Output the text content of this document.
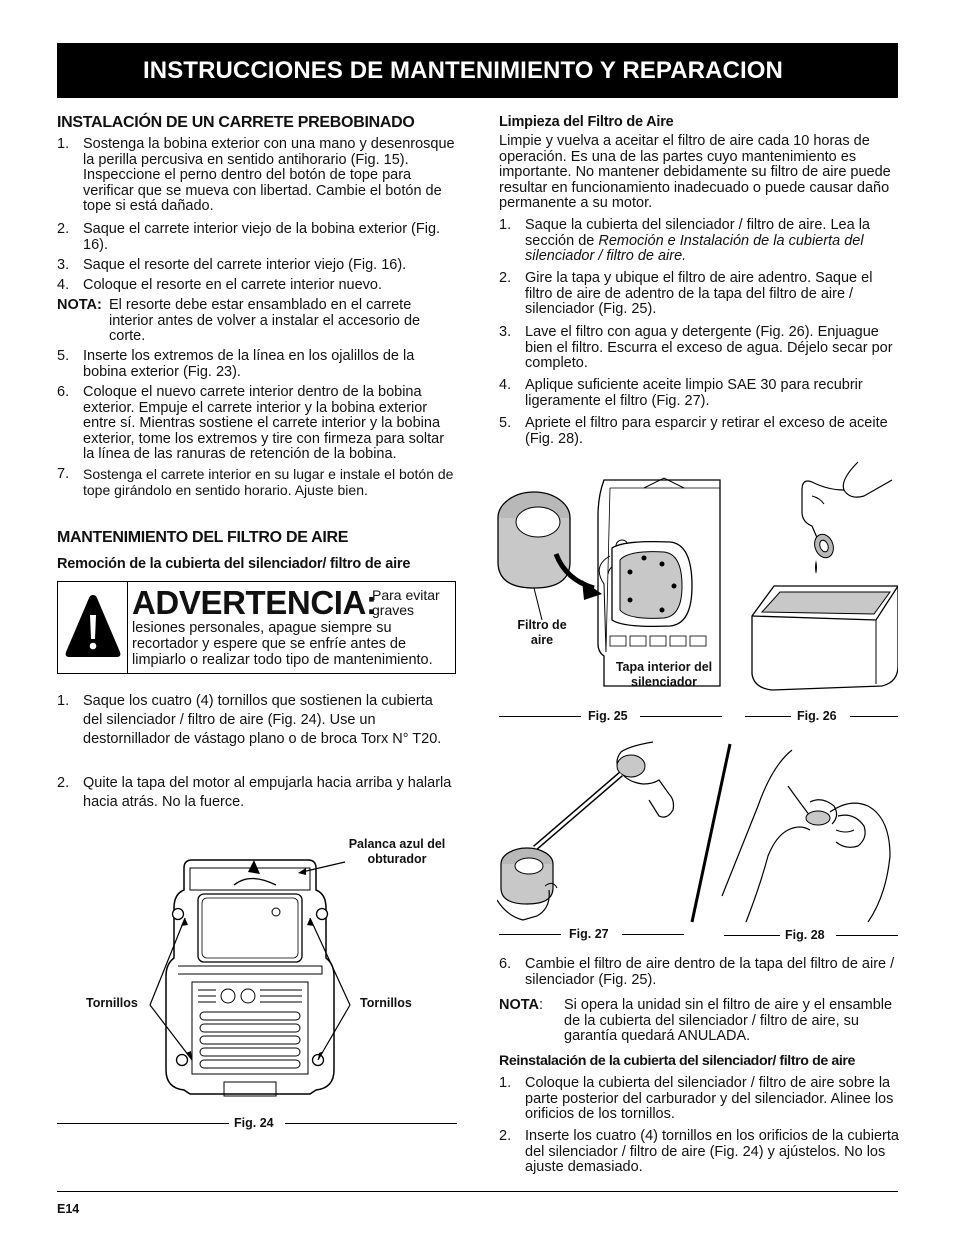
INSTRUCCIONES DE MANTENIMIENTO Y REPARACION
INSTALACIÓN DE UN CARRETE PREBOBINADO
1. Sostenga la bobina exterior con una mano y desenrosque la perilla percusiva en sentido antihorario (Fig. 15). Inspeccione el perno dentro del botón de tope para verificar que se mueva con libertad. Cambie el botón de tope si está dañado.
2. Saque el carrete interior viejo de la bobina exterior (Fig. 16).
3. Saque el resorte del carrete interior viejo (Fig. 16).
4. Coloque el resorte en el carrete interior nuevo.
NOTA: El resorte debe estar ensamblado en el carrete interior antes de volver a instalar el accesorio de corte.
5. Inserte los extremos de la línea en los ojalillos de la bobina exterior (Fig. 23).
6. Coloque el nuevo carrete interior dentro de la bobina exterior. Empuje el carrete interior y la bobina exterior entre sí. Mientras sostiene el carrete interior y la bobina exterior, tome los extremos y tire con firmeza para soltar la línea de las ranuras de retención de la bobina.
7. Sostenga el carrete interior en su lugar e instale el botón de tope girándolo en sentido horario. Ajuste bien.
MANTENIMIENTO DEL FILTRO DE AIRE
Remoción de la cubierta del silenciador/ filtro de aire
ADVERTENCIA:
Para evitar graves
lesiones personales, apague siempre su recortador y espere que se enfríe antes de limpiarlo o realizar todo tipo de mantenimiento.
1. Saque los cuatro (4) tornillos que sostienen la cubierta del silenciador / filtro de aire (Fig. 24). Use un destornillador de vástago plano o de broca Torx N° T20.
2. Quite la tapa del motor al empujarla hacia arriba y halarla hacia atrás. No la fuerce.
Palanca azul del obturador
Tornillos	Tornillos
Fig. 24
Limpieza del Filtro de Aire

Limpie y vuelva a aceitar el filtro de aire cada 10 horas de operación. Es una de las partes cuyo mantenimiento es importante. No mantener debidamente su filtro de aire puede resultar en funcionamiento inadecuado o puede causar daño permanente a su motor.

1. Saque la cubierta del silenciador / filtro de aire. Lea la sección de Remoción e Instalación de la cubierta del silenciador / filtro de aire.
2. Gire la tapa y ubique el filtro de aire adentro. Saque el filtro de aire de adentro de la tapa del filtro de aire / silenciador (Fig. 25).
3. Lave el filtro con agua y detergente (Fig. 26). Enjuague bien el filtro. Escurra el exceso de agua. Déjelo secar por completo.
4. Aplique suficiente aceite limpio SAE 30 para recubrir ligeramente el filtro (Fig. 27).
5. Apriete el filtro para esparcir y retirar el exceso de aceite (Fig. 28).
Filtro de aire
Tapa interior del silenciador
Fig. 25	Fig. 26
Fig. 27	Fig. 28
6. Cambie el filtro de aire dentro de la tapa del filtro de aire / silenciador (Fig. 25).
NOTA: Si opera la unidad sin el filtro de aire y el ensamble de la cubierta del silenciador / filtro de aire, su garantía quedará ANULADA.
Reinstalación de la cubierta del silenciador/ filtro de aire
1. Coloque la cubierta del silenciador / filtro de aire sobre la parte posterior del carburador y del silenciador. Alinee los orificios de los tornillos.
2. Inserte los cuatro (4) tornillos en los orificios de la cubierta del silenciador / filtro de aire (Fig. 24) y ajústelos. No los ajuste demasiado.
E14
